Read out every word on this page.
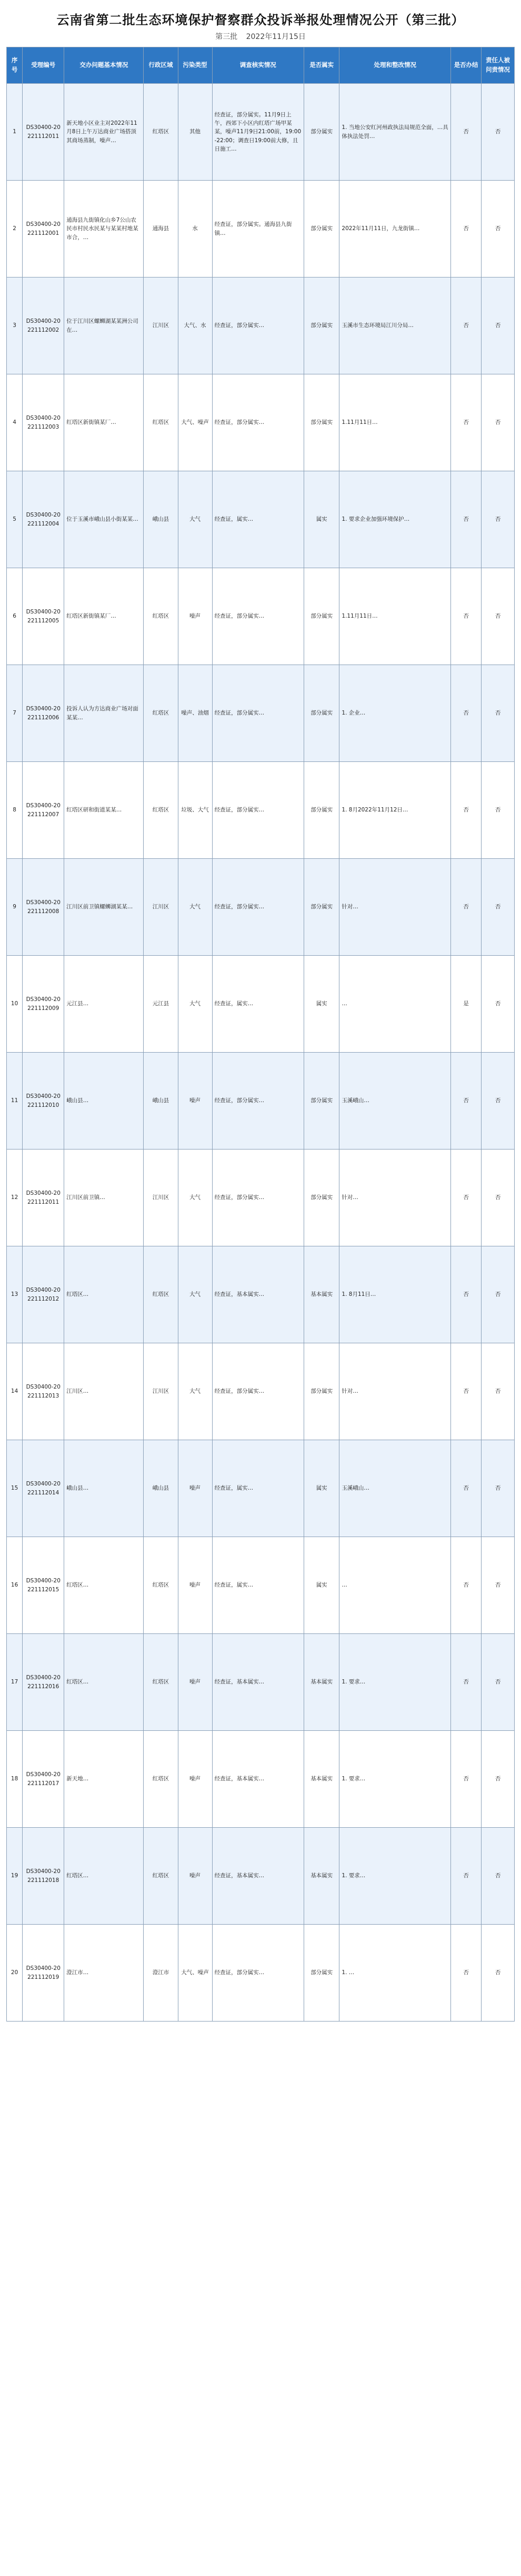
云南省第二批生态环境保护督察群众投诉举报处理情况公开（第三批）
第三批 2022年11月15日
序号	受理编号	交办问题基本情况	行政区域	污染类型	调查核实情况	是否属实	处理和整改情况	是否办结	责任人被问责情况
1	DS30400-20221112011	新天地小区业主对2022年11月8日上午万达商业广场搭顶其商场蒸制，噪声…	红塔区	其他	经查证，部分属实。11月9日上午，西郊下小区内红塔广场甲某某，噪声11月9日21:00前，19:00-22:00；调查日19:00前大修，且日施工…	部分属实	1. 当地公安红河州政执法局规范全面，…具体执法处罚…	否	否
2	DS30400-20221112001	通海县九街镇化山乡7公山农民市村民水民某与某某村地某市合，…	通海县	水	经查证，部分属实。通海县九街镇…	部分属实	2022年11月11日，九龙街镇…	否	否
3	DS30400-20221112002	位于江川区螺蛳湖某某洲公司在…	江川区	大气、水	经查证，部分属实…	部分属实	玉溪市生态环境局江川分局…	否	否
4	DS30400-20221112003	红塔区新街镇某厂…	红塔区	大气、噪声	经查证，部分属实…	部分属实	1.11月11日…	否	否
5	DS30400-20221112004	位于玉溪市峨山县小街某某…	峨山县	大气	经查证，属实…	属实	1. 要求企业加强环境保护…	否	否
6	DS30400-20221112005	红塔区新街镇某厂…	红塔区	噪声	经查证，部分属实…	部分属实	1.11月11日…	否	否
7	DS30400-20221112006	投诉人认为方达商业广场对面某某…	红塔区	噪声、油烟	经查证，部分属实…	部分属实	1. 企业…	否	否
8	DS30400-20221112007	红塔区研和街道某某…	红塔区	垃圾、大气	经查证，部分属实…	部分属实	1. 8月2022年11月12日…	否	否
9	DS30400-20221112008	江川区前卫镇螺蛳湖某某…	江川区	大气	经查证，部分属实…	部分属实	针对…	否	否
10	DS30400-20221112009	元江县…	元江县	大气	经查证，属实…	属实	…	是	否
11	DS30400-20221112010	峨山县…	峨山县	噪声	经查证，部分属实…	部分属实	玉溪峨山…	否	否
12	DS30400-20221112011	江川区前卫镇…	江川区	大气	经查证，部分属实…	部分属实	针对…	否	否
13	DS30400-20221112012	红塔区…	红塔区	大气	经查证，基本属实…	基本属实	1. 8月11日…	否	否
14	DS30400-20221112013	江川区…	江川区	大气	经查证，部分属实…	部分属实	针对…	否	否
15	DS30400-20221112014	峨山县…	峨山县	噪声	经查证，属实…	属实	玉溪峨山…	否	否
16	DS30400-20221112015	红塔区…	红塔区	噪声	经查证，属实…	属实	…	否	否
17	DS30400-20221112016	红塔区…	红塔区	噪声	经查证，基本属实…	基本属实	1. 要求…	否	否
18	DS30400-20221112017	新天地…	红塔区	噪声	经查证，基本属实…	基本属实	1. 要求…	否	否
19	DS30400-20221112018	红塔区…	红塔区	噪声	经查证，基本属实…	基本属实	1. 要求…	否	否
20	DS30400-20221112019	澄江市…	澄江市	大气、噪声	经查证，部分属实…	部分属实	1. …	否	否
